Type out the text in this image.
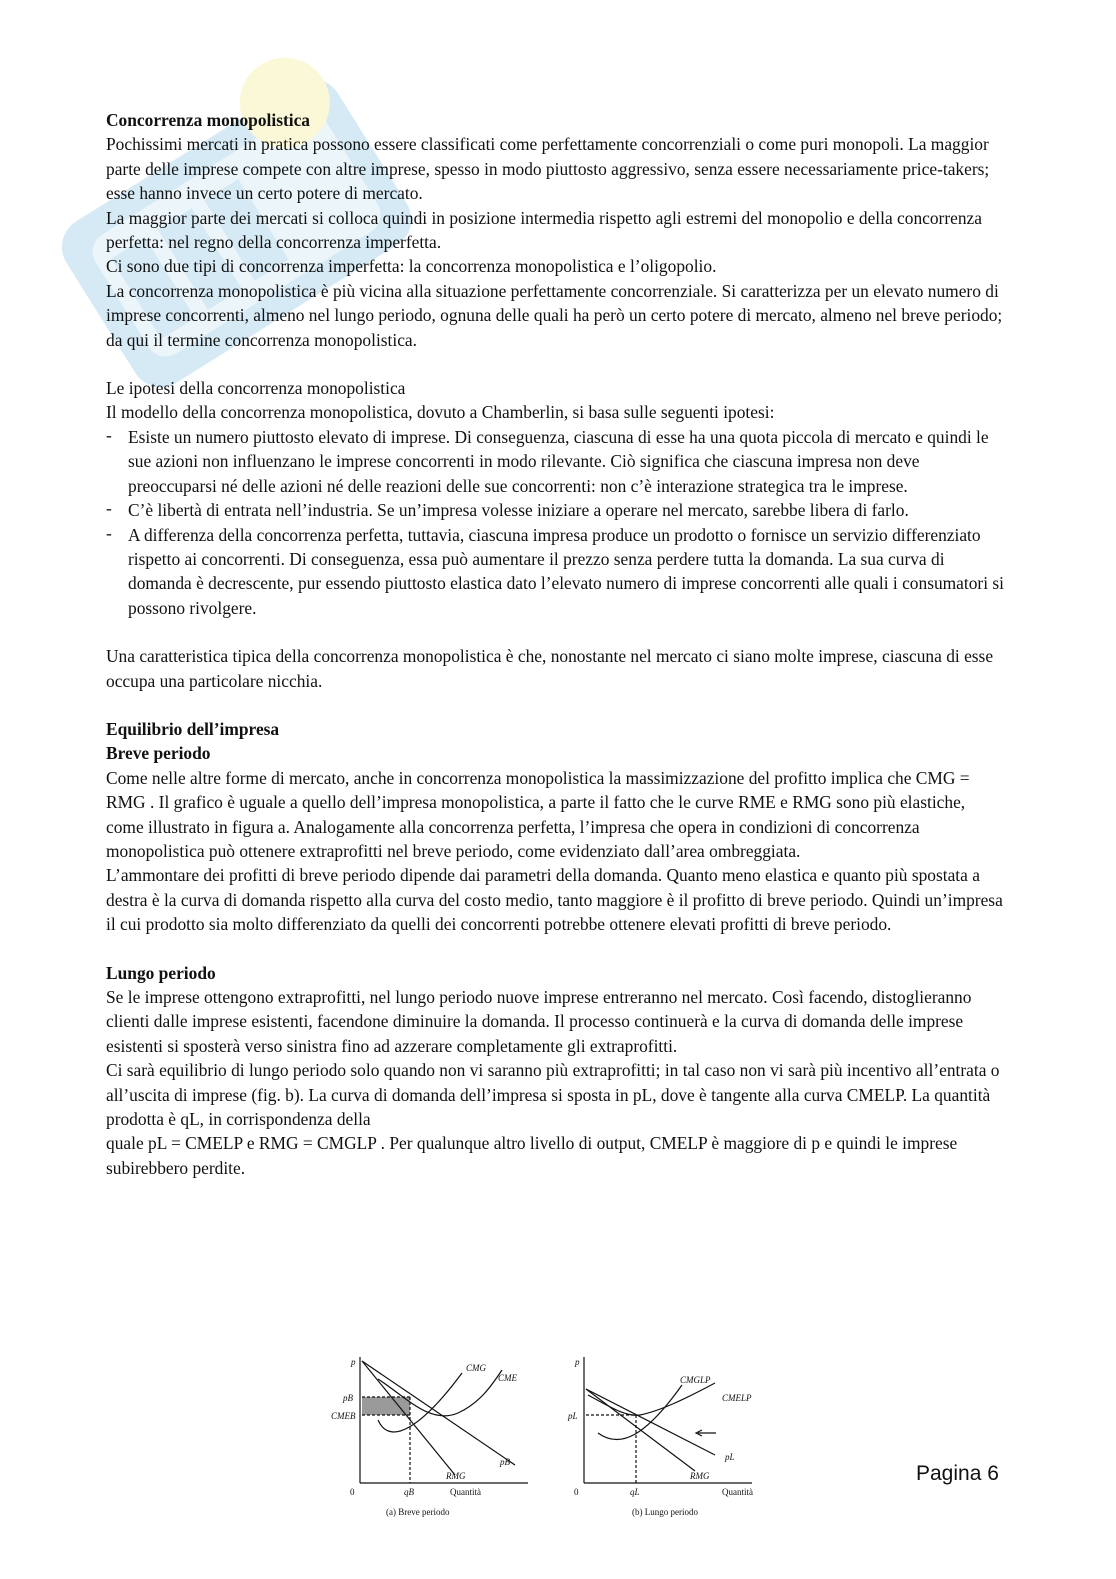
Concorrenza monopolistica

Pochissimi mercati in pratica possono essere classificati come perfettamente concorrenziali o come puri monopoli. La maggior parte delle imprese compete con altre imprese, spesso in modo piuttosto aggressivo, senza essere necessariamente price-takers; esse hanno invece un certo potere di mercato.

La maggior parte dei mercati si colloca quindi in posizione intermedia rispetto agli estremi del monopolio e della concorrenza perfetta: nel regno della concorrenza imperfetta.

Ci sono due tipi di concorrenza imperfetta: la concorrenza monopolistica e l’oligopolio.

La concorrenza monopolistica è più vicina alla situazione perfettamente concorrenziale. Si caratterizza per un elevato numero di imprese concorrenti, almeno nel lungo periodo, ognuna delle quali ha però un certo potere di mercato, almeno nel breve periodo; da qui il termine concorrenza monopolistica.

Le ipotesi della concorrenza monopolistica

Il modello della concorrenza monopolistica, dovuto a Chamberlin, si basa sulle seguenti ipotesi:

- Esiste un numero piuttosto elevato di imprese. Di conseguenza, ciascuna di esse ha una quota piccola di mercato e quindi le sue azioni non influenzano le imprese concorrenti in modo rilevante. Ciò significa che ciascuna impresa non deve preoccuparsi né delle azioni né delle reazioni delle sue concorrenti: non c’è interazione strategica tra le imprese.
- C’è libertà di entrata nell’industria. Se un’impresa volesse iniziare a operare nel mercato, sarebbe libera di farlo.
- A differenza della concorrenza perfetta, tuttavia, ciascuna impresa produce un prodotto o fornisce un servizio differenziato rispetto ai concorrenti. Di conseguenza, essa può aumentare il prezzo senza perdere tutta la domanda. La sua curva di domanda è decrescente, pur essendo piuttosto elastica dato l’elevato numero di imprese concorrenti alle quali i consumatori si possono rivolgere.

Una caratteristica tipica della concorrenza monopolistica è che, nonostante nel mercato ci siano molte imprese, ciascuna di esse occupa una particolare nicchia.

Equilibrio dell’impresa

Breve periodo

Come nelle altre forme di mercato, anche in concorrenza monopolistica la massimizzazione del profitto implica che CMG = RMG . Il grafico è uguale a quello dell’impresa monopolistica, a parte il fatto che le curve RME e RMG sono più elastiche, come illustrato in figura a. Analogamente alla concorrenza perfetta, l’impresa che opera in condizioni di concorrenza monopolistica può ottenere extraprofitti nel breve periodo, come evidenziato dall’area ombreggiata.

L’ammontare dei profitti di breve periodo dipende dai parametri della domanda. Quanto meno elastica e quanto più spostata a destra è la curva di domanda rispetto alla curva del costo medio, tanto maggiore è il profitto di breve periodo. Quindi un’impresa il cui prodotto sia molto differenziato da quelli dei concorrenti potrebbe ottenere elevati profitti di breve periodo.

Lungo periodo

Se le imprese ottengono extraprofitti, nel lungo periodo nuove imprese entreranno nel mercato. Così facendo, distoglieranno clienti dalle imprese esistenti, facendone diminuire la domanda. Il processo continuerà e la curva di domanda delle imprese esistenti si sposterà verso sinistra fino ad azzerare completamente gli extraprofitti.

Ci sarà equilibrio di lungo periodo solo quando non vi saranno più extraprofitti; in tal caso non vi sarà più incentivo all’entrata o all’uscita di imprese (fig. b). La curva di domanda dell’impresa si sposta in pL, dove è tangente alla curva CMELP. La quantità prodotta è qL, in corrispondenza della

quale pL = CMELP e RMG = CMGLP . Per qualunque altro livello di output, CMELP è maggiore di p e quindi le imprese subirebbero perdite.

p
0
CMG
CME
pB
CMEB
pB
RMG
qB	Quantità
(a) Breve periodo
p
0
CMGLP
CMELP
pL
pL
RMG
qL	Quantità
(b) Lungo periodo
Pagina 6
